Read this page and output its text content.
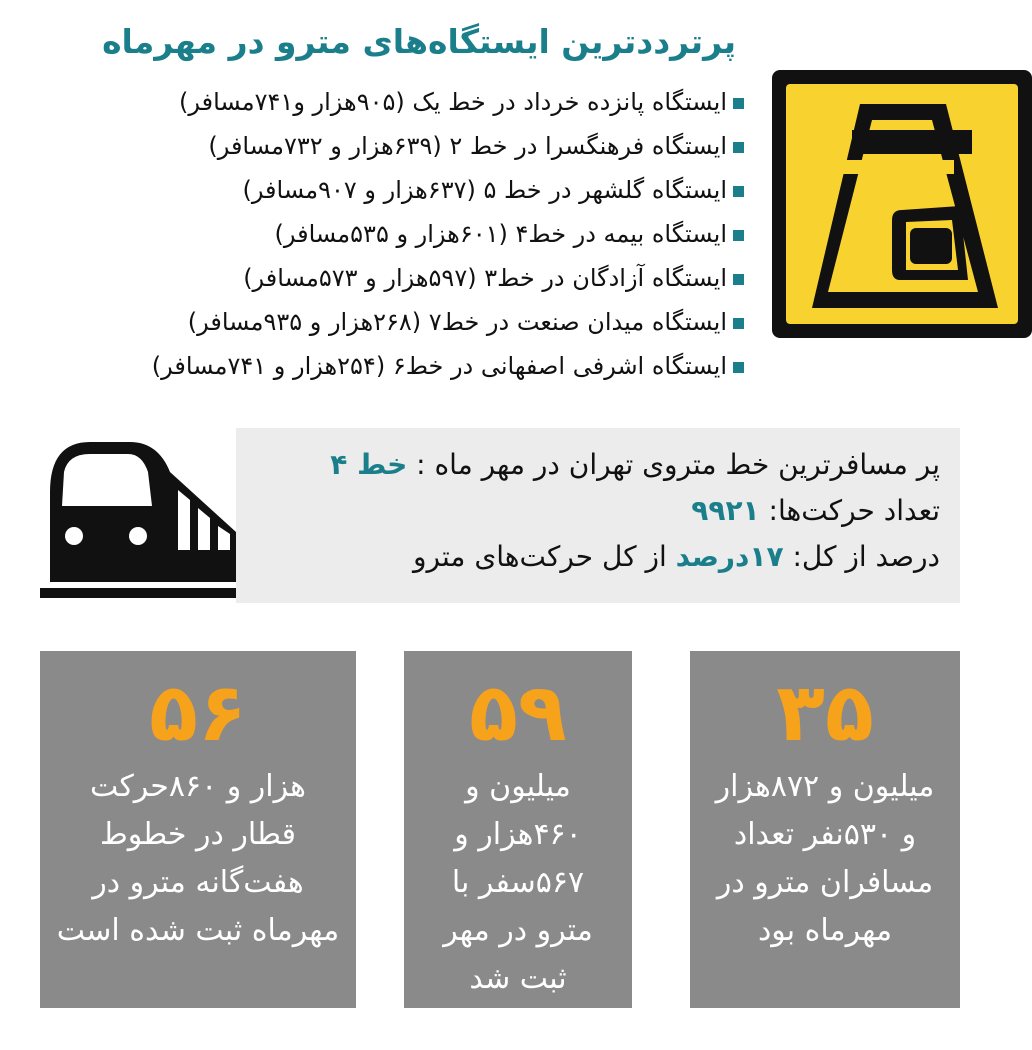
پرترددترین ایستگاه‌های مترو در مهرماه
ایستگاه پانزده خرداد در خط یک (۹۰۵هزار و۷۴۱مسافر)
ایستگاه فرهنگسرا در خط ۲ (۶۳۹هزار و ۷۳۲مسافر)
ایستگاه گلشهر در خط ۵ (۶۳۷هزار و ۹۰۷مسافر)
ایستگاه بیمه در خط۴ (۶۰۱هزار و ۵۳۵مسافر)
ایستگاه آزادگان در خط۳ (۵۹۷هزار و ۵۷۳مسافر)
ایستگاه میدان صنعت در خط۷ (۲۶۸هزار و ۹۳۵مسافر)
ایستگاه اشرفی اصفهانی در خط۶ (۲۵۴هزار و ۷۴۱مسافر)
پر مسافرترین خط متروی تهران در مهر ماه : خط ۴
تعداد حرکت‌ها: ۹۹۲۱
درصد از کل: ۱۷درصد از کل حرکت‌های مترو
۵۶
هزار و ۸۶۰حرکت قطار در خطوط هفت‌گانه مترو در مهرماه ثبت شده است
۵۹
میلیون و ۴۶۰هزار و ۵۶۷سفر با مترو در مهر ثبت شد
۳۵
میلیون و ۸۷۲هزار و ۵۳۰نفر تعداد مسافران مترو در مهرماه بود
